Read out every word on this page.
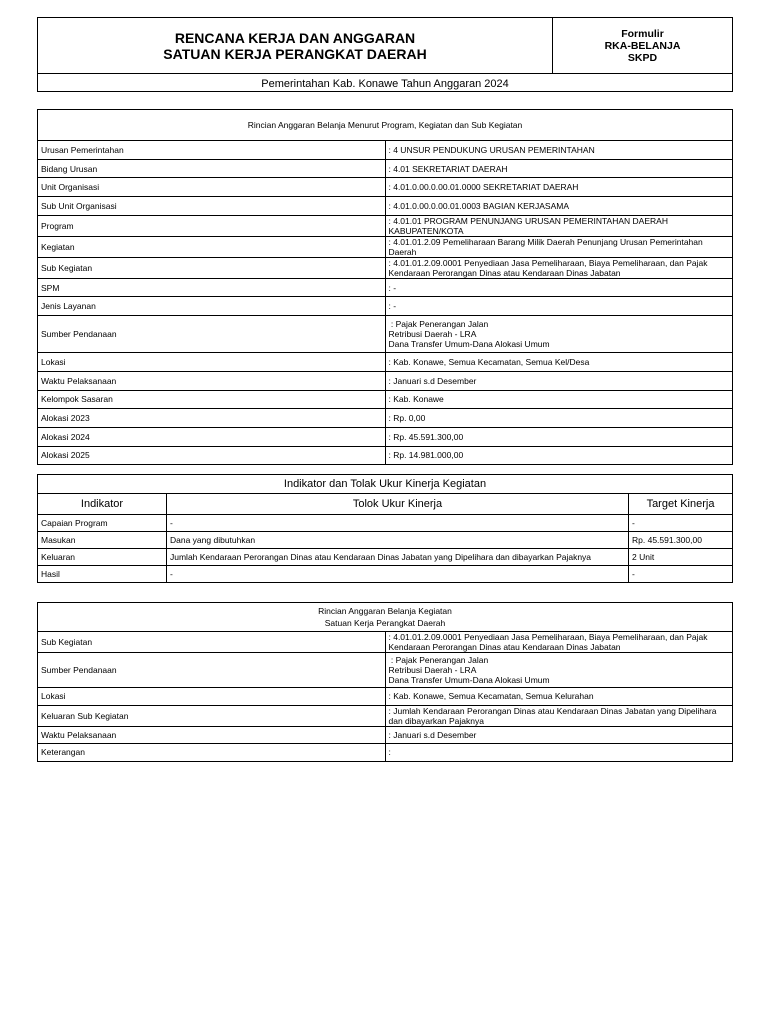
RENCANA KERJA DAN ANGGARAN
SATUAN KERJA PERANGKAT DAERAH
Formulir
RKA-BELANJA
SKPD
Pemerintahan Kab. Konawe Tahun Anggaran 2024
Rincian Anggaran Belanja Menurut Program, Kegiatan dan Sub Kegiatan	
Urusan Pemerintahan	: 4 UNSUR PENDUKUNG URUSAN PEMERINTAHAN
Bidang Urusan	: 4.01 SEKRETARIAT DAERAH
Unit Organisasi	: 4.01.0.00.0.00.01.0000 SEKRETARIAT DAERAH
Sub Unit Organisasi	: 4.01.0.00.0.00.01.0003 BAGIAN KERJASAMA
Program	: 4.01.01 PROGRAM PENUNJANG URUSAN PEMERINTAHAN DAERAH KABUPATEN/KOTA
Kegiatan	: 4.01.01.2.09 Pemeliharaan Barang Milik Daerah Penunjang Urusan Pemerintahan Daerah
Sub Kegiatan	: 4.01.01.2.09.0001 Penyediaan Jasa Pemeliharaan, Biaya Pemeliharaan, dan Pajak Kendaraan Perorangan Dinas atau Kendaraan Dinas Jabatan
SPM	: -
Jenis Layanan	: -
Sumber Pendanaan	: Pajak Penerangan Jalan
Retribusi Daerah - LRA
Dana Transfer Umum-Dana Alokasi Umum

Lokasi	: Kab. Konawe, Semua Kecamatan, Semua Kel/Desa
Waktu Pelaksanaan	: Januari s.d Desember
Kelompok Sasaran	: Kab. Konawe
Alokasi 2023	: Rp. 0,00
Alokasi 2024	: Rp. 45.591.300,00
Alokasi 2025	: Rp. 14.981.000,00
Indikator dan Tolak Ukur Kinerja Kegiatan		
Indikator	Tolok Ukur Kinerja	Target Kinerja
Capaian Program	-	-
Masukan	Dana yang dibutuhkan	Rp. 45.591.300,00
Keluaran	Jumlah Kendaraan Perorangan Dinas atau Kendaraan Dinas Jabatan yang Dipelihara dan dibayarkan Pajaknya	2 Unit
Hasil	-	-
Rincian Anggaran Belanja Kegiatan
Satuan Kerja Perangkat Daerah	

Sub Kegiatan	: 4.01.01.2.09.0001 Penyediaan Jasa Pemeliharaan, Biaya Pemeliharaan, dan Pajak Kendaraan Perorangan Dinas atau Kendaraan Dinas Jabatan
Sumber Pendanaan	: Pajak Penerangan Jalan
Retribusi Daerah - LRA
Dana Transfer Umum-Dana Alokasi Umum

Lokasi	: Kab. Konawe, Semua Kecamatan, Semua Kelurahan
Keluaran Sub Kegiatan	: Jumlah Kendaraan Perorangan Dinas atau Kendaraan Dinas Jabatan yang Dipelihara dan dibayarkan Pajaknya
Waktu Pelaksanaan	: Januari s.d Desember
Keterangan	:
